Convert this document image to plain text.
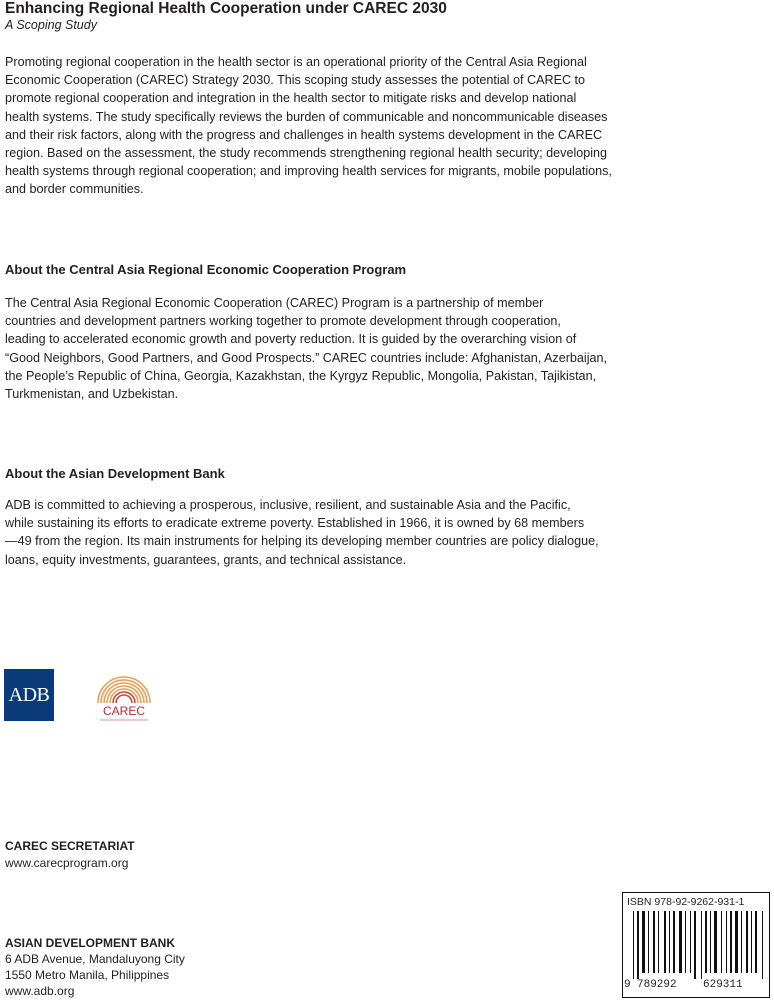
Enhancing Regional Health Cooperation under CAREC 2030
A Scoping Study

Promoting regional cooperation in the health sector is an operational priority of the Central Asia Regional
Economic Cooperation (CAREC) Strategy 2030. This scoping study assesses the potential of CAREC to
promote regional cooperation and integration in the health sector to mitigate risks and develop national
health systems. The study specifically reviews the burden of communicable and noncommunicable diseases
and their risk factors, along with the progress and challenges in health systems development in the CAREC
region. Based on the assessment, the study recommends strengthening regional health security; developing
health systems through regional cooperation; and improving health services for migrants, mobile populations,
and border communities.

About the Central Asia Regional Economic Cooperation Program

The Central Asia Regional Economic Cooperation (CAREC) Program is a partnership of member
countries and development partners working together to promote development through cooperation,
leading to accelerated economic growth and poverty reduction. It is guided by the overarching vision of
“Good Neighbors, Good Partners, and Good Prospects.” CAREC countries include: Afghanistan, Azerbaijan,
the People’s Republic of China, Georgia, Kazakhstan, the Kyrgyz Republic, Mongolia, Pakistan, Tajikistan,
Turkmenistan, and Uzbekistan.

About the Asian Development Bank

ADB is committed to achieving a prosperous, inclusive, resilient, and sustainable Asia and the Pacific,
while sustaining its efforts to eradicate extreme poverty. Established in 1966, it is owned by 68 members
—49 from the region. Its main instruments for helping its developing member countries are policy dialogue,
loans, equity investments, guarantees, grants, and technical assistance.

ADB
CAREC
CAREC SECRETARIAT
www.carecprogram.org
ASIAN DEVELOPMENT BANK
6 ADB Avenue, Mandaluyong City
1550 Metro Manila, Philippines
www.adb.org
ISBN 978-92-9262-931-1
9 789292 629311
